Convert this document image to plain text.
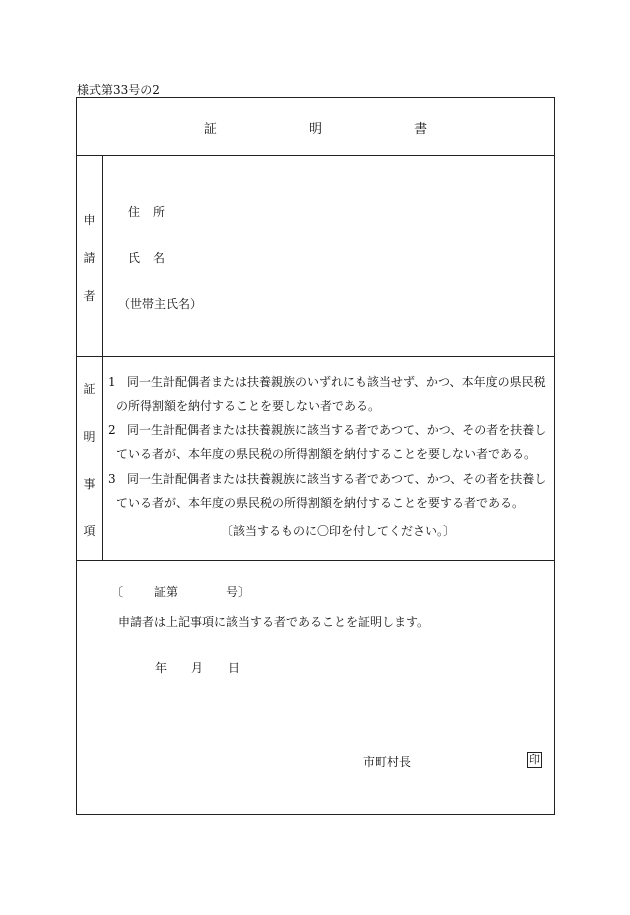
様式第33号の2
証	明	書
申
請
者
住 所
氏 名
（世帯主氏名）
証
明
事
項
1 同一生計配偶者または扶養親族のいずれにも該当せず、かつ、本年度の県民税
の所得割額を納付することを要しない者である。
2 同一生計配偶者または扶養親族に該当する者であつて、かつ、その者を扶養し
ている者が、本年度の県民税の所得割額を納付することを要しない者である。
3 同一生計配偶者または扶養親族に該当する者であつて、かつ、その者を扶養し
ている者が、本年度の県民税の所得割額を納付することを要する者である。
〔該当するものに〇印を付してください。〕
〔	証第	号〕
申請者は上記事項に該当する者であることを証明します。
年 月 日
市町村長	印
